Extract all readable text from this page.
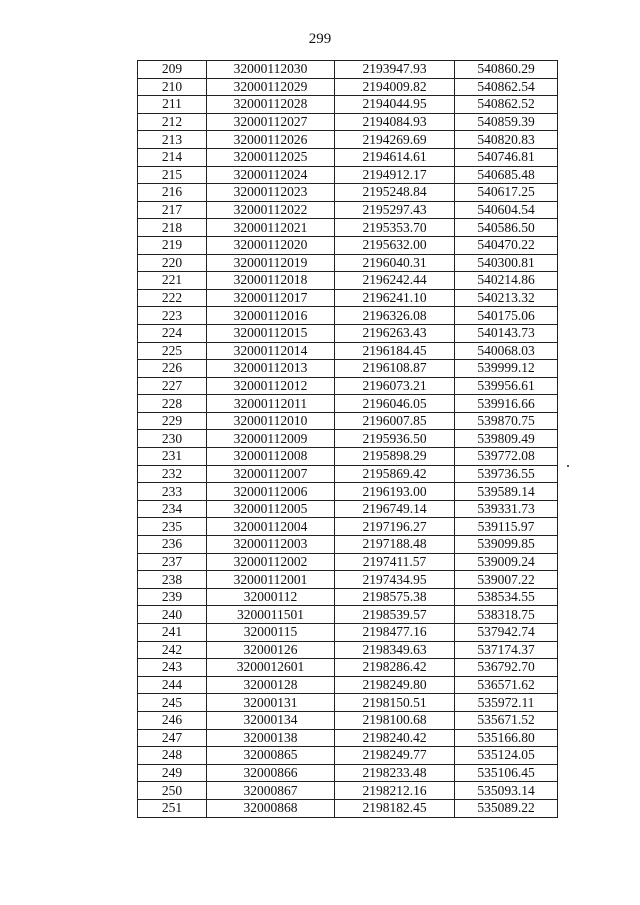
299
209	32000112030	2193947.93	540860.29
210	32000112029	2194009.82	540862.54
211	32000112028	2194044.95	540862.52
212	32000112027	2194084.93	540859.39
213	32000112026	2194269.69	540820.83
214	32000112025	2194614.61	540746.81
215	32000112024	2194912.17	540685.48
216	32000112023	2195248.84	540617.25
217	32000112022	2195297.43	540604.54
218	32000112021	2195353.70	540586.50
219	32000112020	2195632.00	540470.22
220	32000112019	2196040.31	540300.81
221	32000112018	2196242.44	540214.86
222	32000112017	2196241.10	540213.32
223	32000112016	2196326.08	540175.06
224	32000112015	2196263.43	540143.73
225	32000112014	2196184.45	540068.03
226	32000112013	2196108.87	539999.12
227	32000112012	2196073.21	539956.61
228	32000112011	2196046.05	539916.66
229	32000112010	2196007.85	539870.75
230	32000112009	2195936.50	539809.49
231	32000112008	2195898.29	539772.08
232	32000112007	2195869.42	539736.55
233	32000112006	2196193.00	539589.14
234	32000112005	2196749.14	539331.73
235	32000112004	2197196.27	539115.97
236	32000112003	2197188.48	539099.85
237	32000112002	2197411.57	539009.24
238	32000112001	2197434.95	539007.22
239	32000112	2198575.38	538534.55
240	3200011501	2198539.57	538318.75
241	32000115	2198477.16	537942.74
242	32000126	2198349.63	537174.37
243	3200012601	2198286.42	536792.70
244	32000128	2198249.80	536571.62
245	32000131	2198150.51	535972.11
246	32000134	2198100.68	535671.52
247	32000138	2198240.42	535166.80
248	32000865	2198249.77	535124.05
249	32000866	2198233.48	535106.45
250	32000867	2198212.16	535093.14
251	32000868	2198182.45	535089.22
